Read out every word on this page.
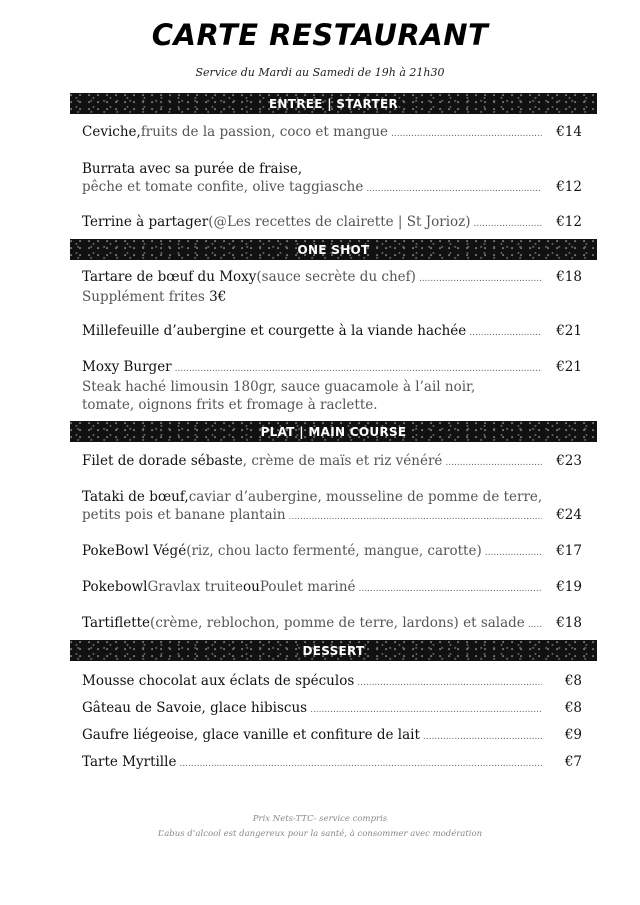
CARTE RESTAURANT
Service du Mardi au Samedi de 19h à 21h30
ENTREE | STARTER
Ceviche, fruits de la passion, coco et mangue .....	€14
Burrata avec sa purée de fraise,
pêche et tomate confite, olive taggiasche .....	€12
Terrine à partager (@Les recettes de clairette | St Jorioz) .....	€12
ONE SHOT
Tartare de bœuf du Moxy (sauce secrète du chef) .....	€18
Supplément frites 3€
Millefeuille d’aubergine et courgette à la viande hachée .....	€21
Moxy Burger .....	€21
Steak haché limousin 180gr, sauce guacamole à l’ail noir,
tomate, oignons frits et fromage à raclette.
PLAT | MAIN COURSE
Filet de dorade sébaste , crème de maïs et riz vénéré .....	€23
Tataki de bœuf, caviar d’aubergine, mousseline de pomme de terre,
petits pois et banane plantain .....	€24
PokeBowl Végé (riz, chou lacto fermenté, mangue, carotte) .....	€17
Pokebowl Gravlax truite ou Poulet mariné .....	€19
Tartiflette (crème, reblochon, pomme de terre, lardons) et salade ..... €18
DESSERT
Mousse chocolat aux éclats de spéculos .....	€8
Gâteau de Savoie, glace hibiscus .....	€8
Gaufre liégeoise, glace vanille et confiture de lait .....	€9
Tarte Myrtille .....	€7
Prix Nets-TTC- service compris
L’abus d’alcool est dangereux pour la santé, à consommer avec modération
